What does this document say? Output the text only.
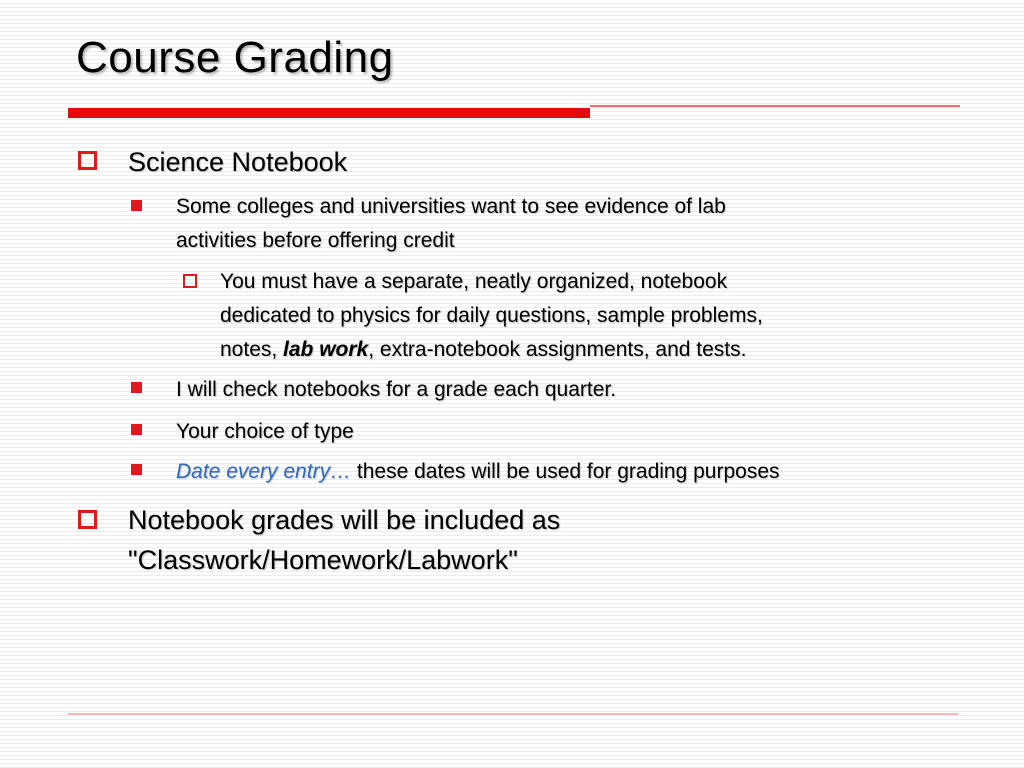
Course Grading
Science Notebook
Some colleges and universities want to see evidence of lab
activities before offering credit
You must have a separate, neatly organized, notebook
dedicated to physics for daily questions, sample problems,
notes, lab work, extra-notebook assignments, and tests.
I will check notebooks for a grade each quarter.
Your choice of type
Date every entry… these dates will be used for grading purposes
Notebook grades will be included as
"Classwork/Homework/Labwork"
